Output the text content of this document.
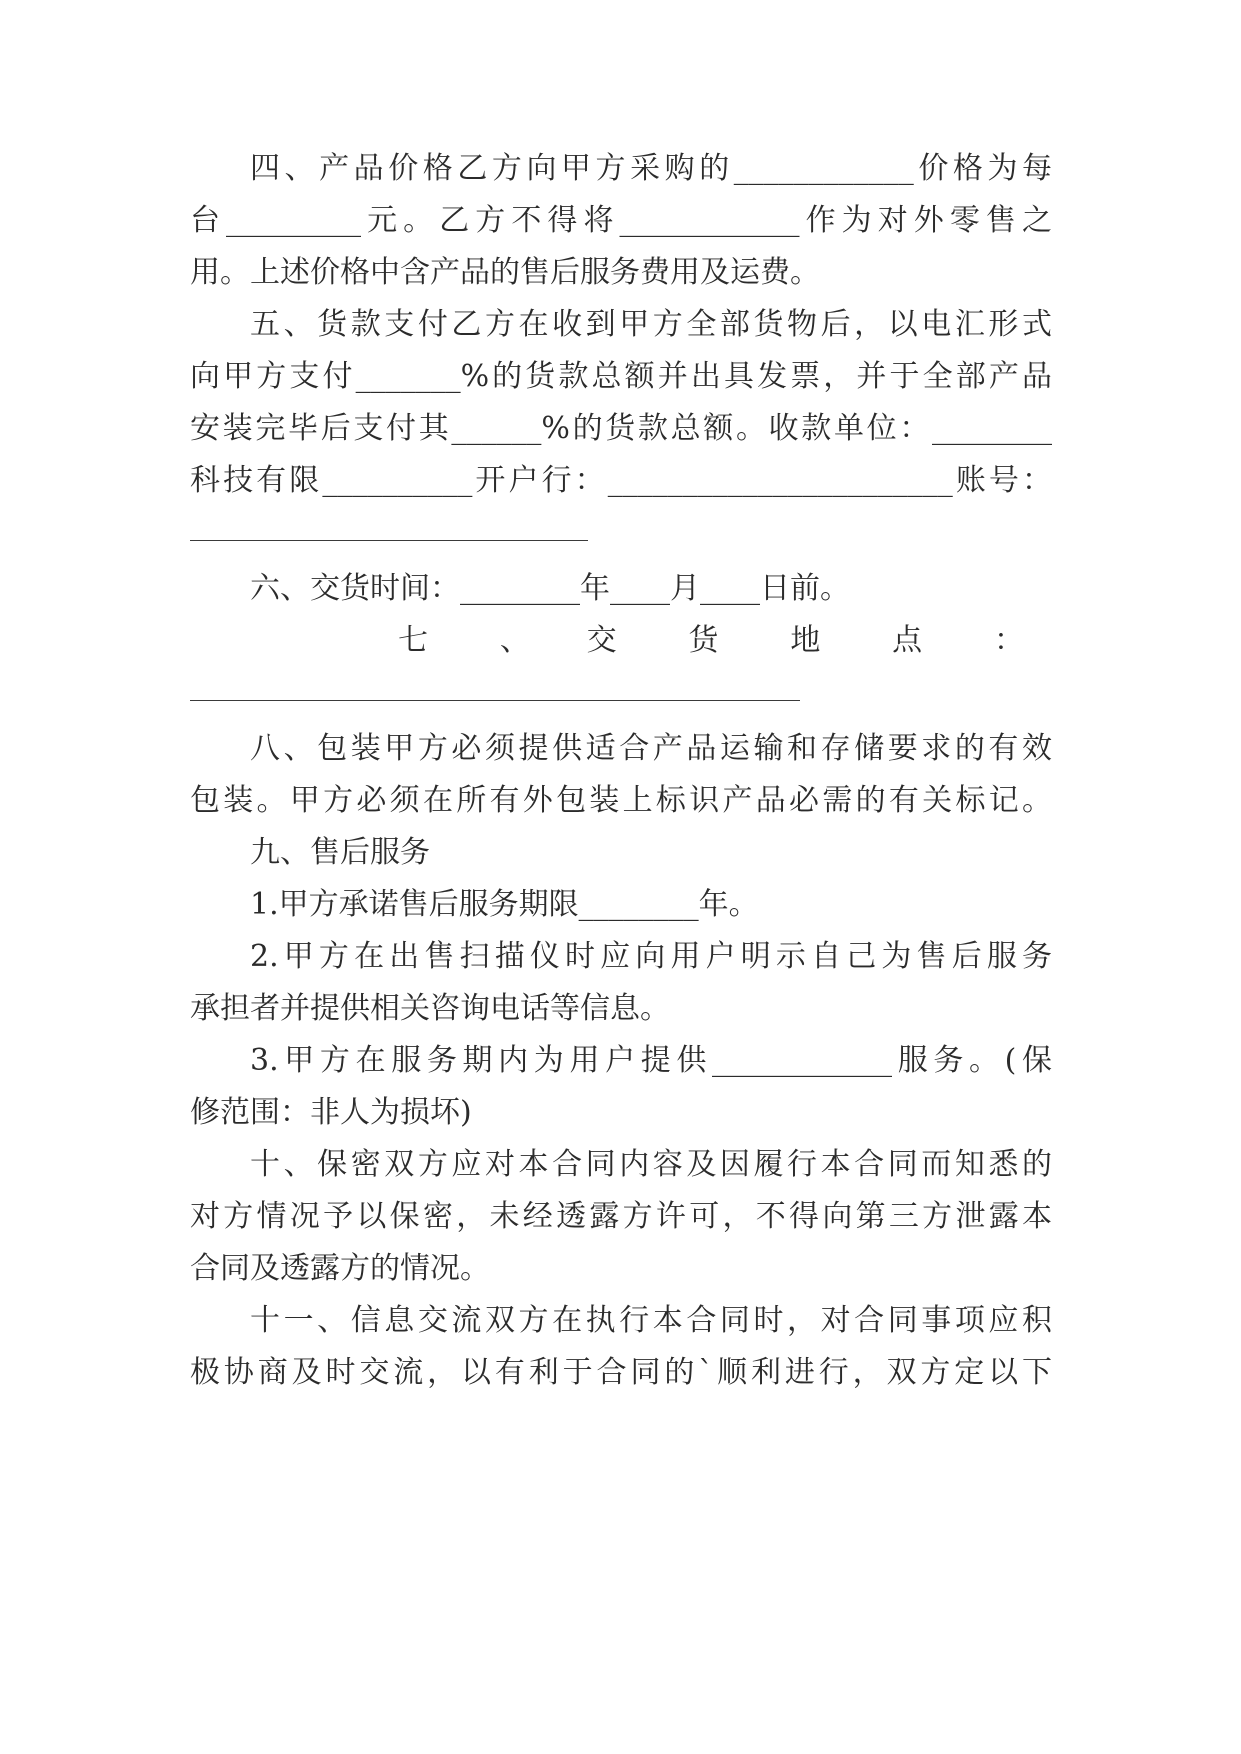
四、产品价格乙方向甲方采购的____________价格为每
台_________元。乙方不得将____________作为对外零售之
用。上述价格中含产品的售后服务费用及运费。
五、货款支付乙方在收到甲方全部货物后，以电汇形式
向甲方支付_______%的货款总额并出具发票，并于全部产品
安装完毕后支付其______%的货款总额。收款单位：________
科技有限__________开户行：_______________________账号：
六、交货时间：________年____月____日前。
七　　、　　交　　货　　地　　点　　：
八、包装甲方必须提供适合产品运输和存储要求的有效
包装。甲方必须在所有外包装上标识产品必需的有关标记。
九、售后服务
1.甲方承诺售后服务期限________年。
2.甲方在出售扫描仪时应向用户明示自己为售后服务
承担者并提供相关咨询电话等信息。
3.甲方在服务期内为用户提供____________服务。(保
修范围：非人为损坏)
十、保密双方应对本合同内容及因履行本合同而知悉的
对方情况予以保密，未经透露方许可，不得向第三方泄露本
合同及透露方的情况。
十一、信息交流双方在执行本合同时，对合同事项应积
极协商及时交流，以有利于合同的`顺利进行，双方定以下
